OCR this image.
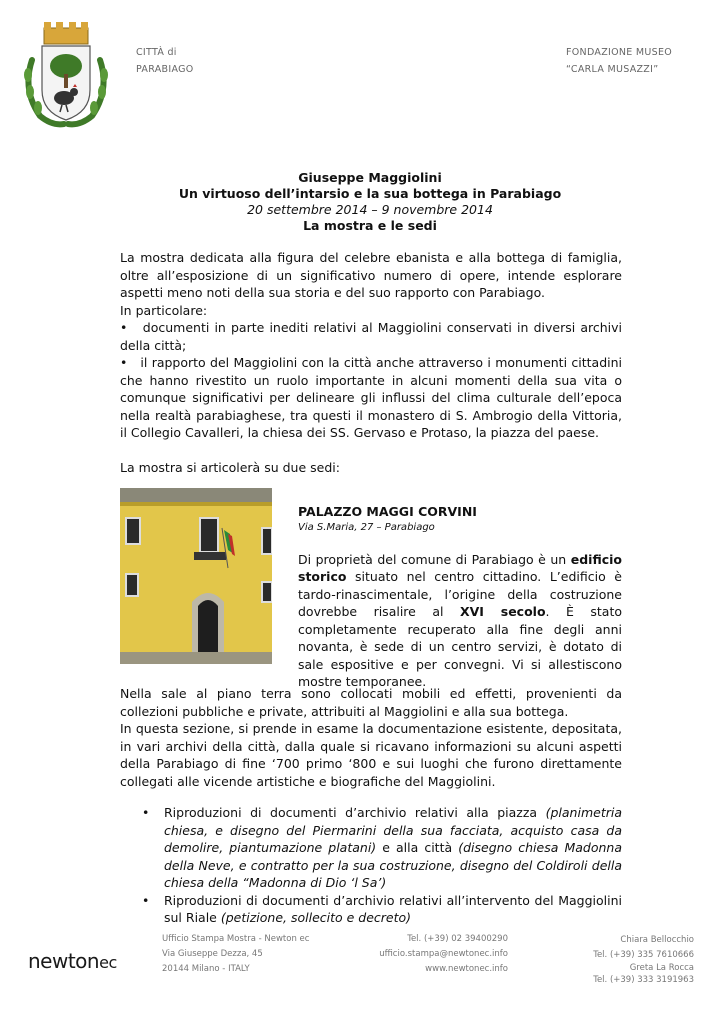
CITTÀ di
PARABIAGO
FONDAZIONE MUSEO
“CARLA MUSAZZI”
Giuseppe Maggiolini
Un virtuoso dell’intarsio e la sua bottega in Parabiago
20 settembre 2014 – 9 novembre 2014
La mostra e le sedi

La mostra dedicata alla figura del celebre ebanista e alla bottega di famiglia, oltre all’esposizione di un significativo numero di opere, intende esplorare aspetti meno noti della sua storia e del suo rapporto con Parabiago.

In particolare:

•   documenti in parte inediti relativi al Maggiolini conservati in diversi archivi della città;

•   il rapporto del Maggiolini con la città anche attraverso i monumenti cittadini che hanno rivestito un ruolo importante in alcuni momenti della sua vita o comunque significativi per delineare gli influssi del clima culturale dell’epoca nella realtà parabiaghese, tra questi il monastero di S. Ambrogio della Vittoria, il Collegio Cavalleri, la chiesa dei SS. Gervaso e Protaso, la piazza del paese.

La mostra si articolerà su due sedi:

PALAZZO MAGGI CORVINI
Via S.Maria, 27 – Parabiago

Di proprietà del comune di Parabiago è un edificio storico situato nel centro cittadino. L’edificio è tardo-rinascimentale, l’origine della costruzione dovrebbe risalire al XVI secolo. È stato completamente recuperato alla fine degli anni novanta, è sede di un centro servizi, è dotato di sale espositive e per convegni. Vi si allestiscono mostre temporanee.

Nella sale al piano terra sono collocati mobili ed effetti, provenienti da collezioni pubbliche e private, attribuiti al Maggiolini e alla sua bottega.

In questa sezione, si prende in esame la documentazione esistente, depositata, in vari archivi della città, dalla quale si ricavano informazioni su alcuni aspetti della Parabiago di fine ‘700 primo ‘800 e sui luoghi che furono direttamente collegati alle vicende artistiche e biografiche del Maggiolini.

•	Riproduzioni di documenti d’archivio relativi alla piazza (planimetria chiesa, e disegno del Piermarini della sua facciata, acquisto casa da demolire, piantumazione platani) e alla città (disegno chiesa Madonna della Neve, e contratto per la sua costruzione, disegno del Coldiroli della chiesa della “Madonna di Dio ‘l Sa’)
•	Riproduzioni di documenti d’archivio relativi all’intervento del Maggiolini sul Riale (petizione, sollecito e decreto)
newtonec
Ufficio Stampa Mostra - Newton ec
Via Giuseppe Dezza, 45
20144 Milano - ITALY
Tel. (+39) 02 39400290
ufficio.stampa@newtonec.info
www.newtonec.info
Chiara Bellocchio
Tel. (+39) 335 7610666
Greta La Rocca
Tel. (+39) 333 3191963
